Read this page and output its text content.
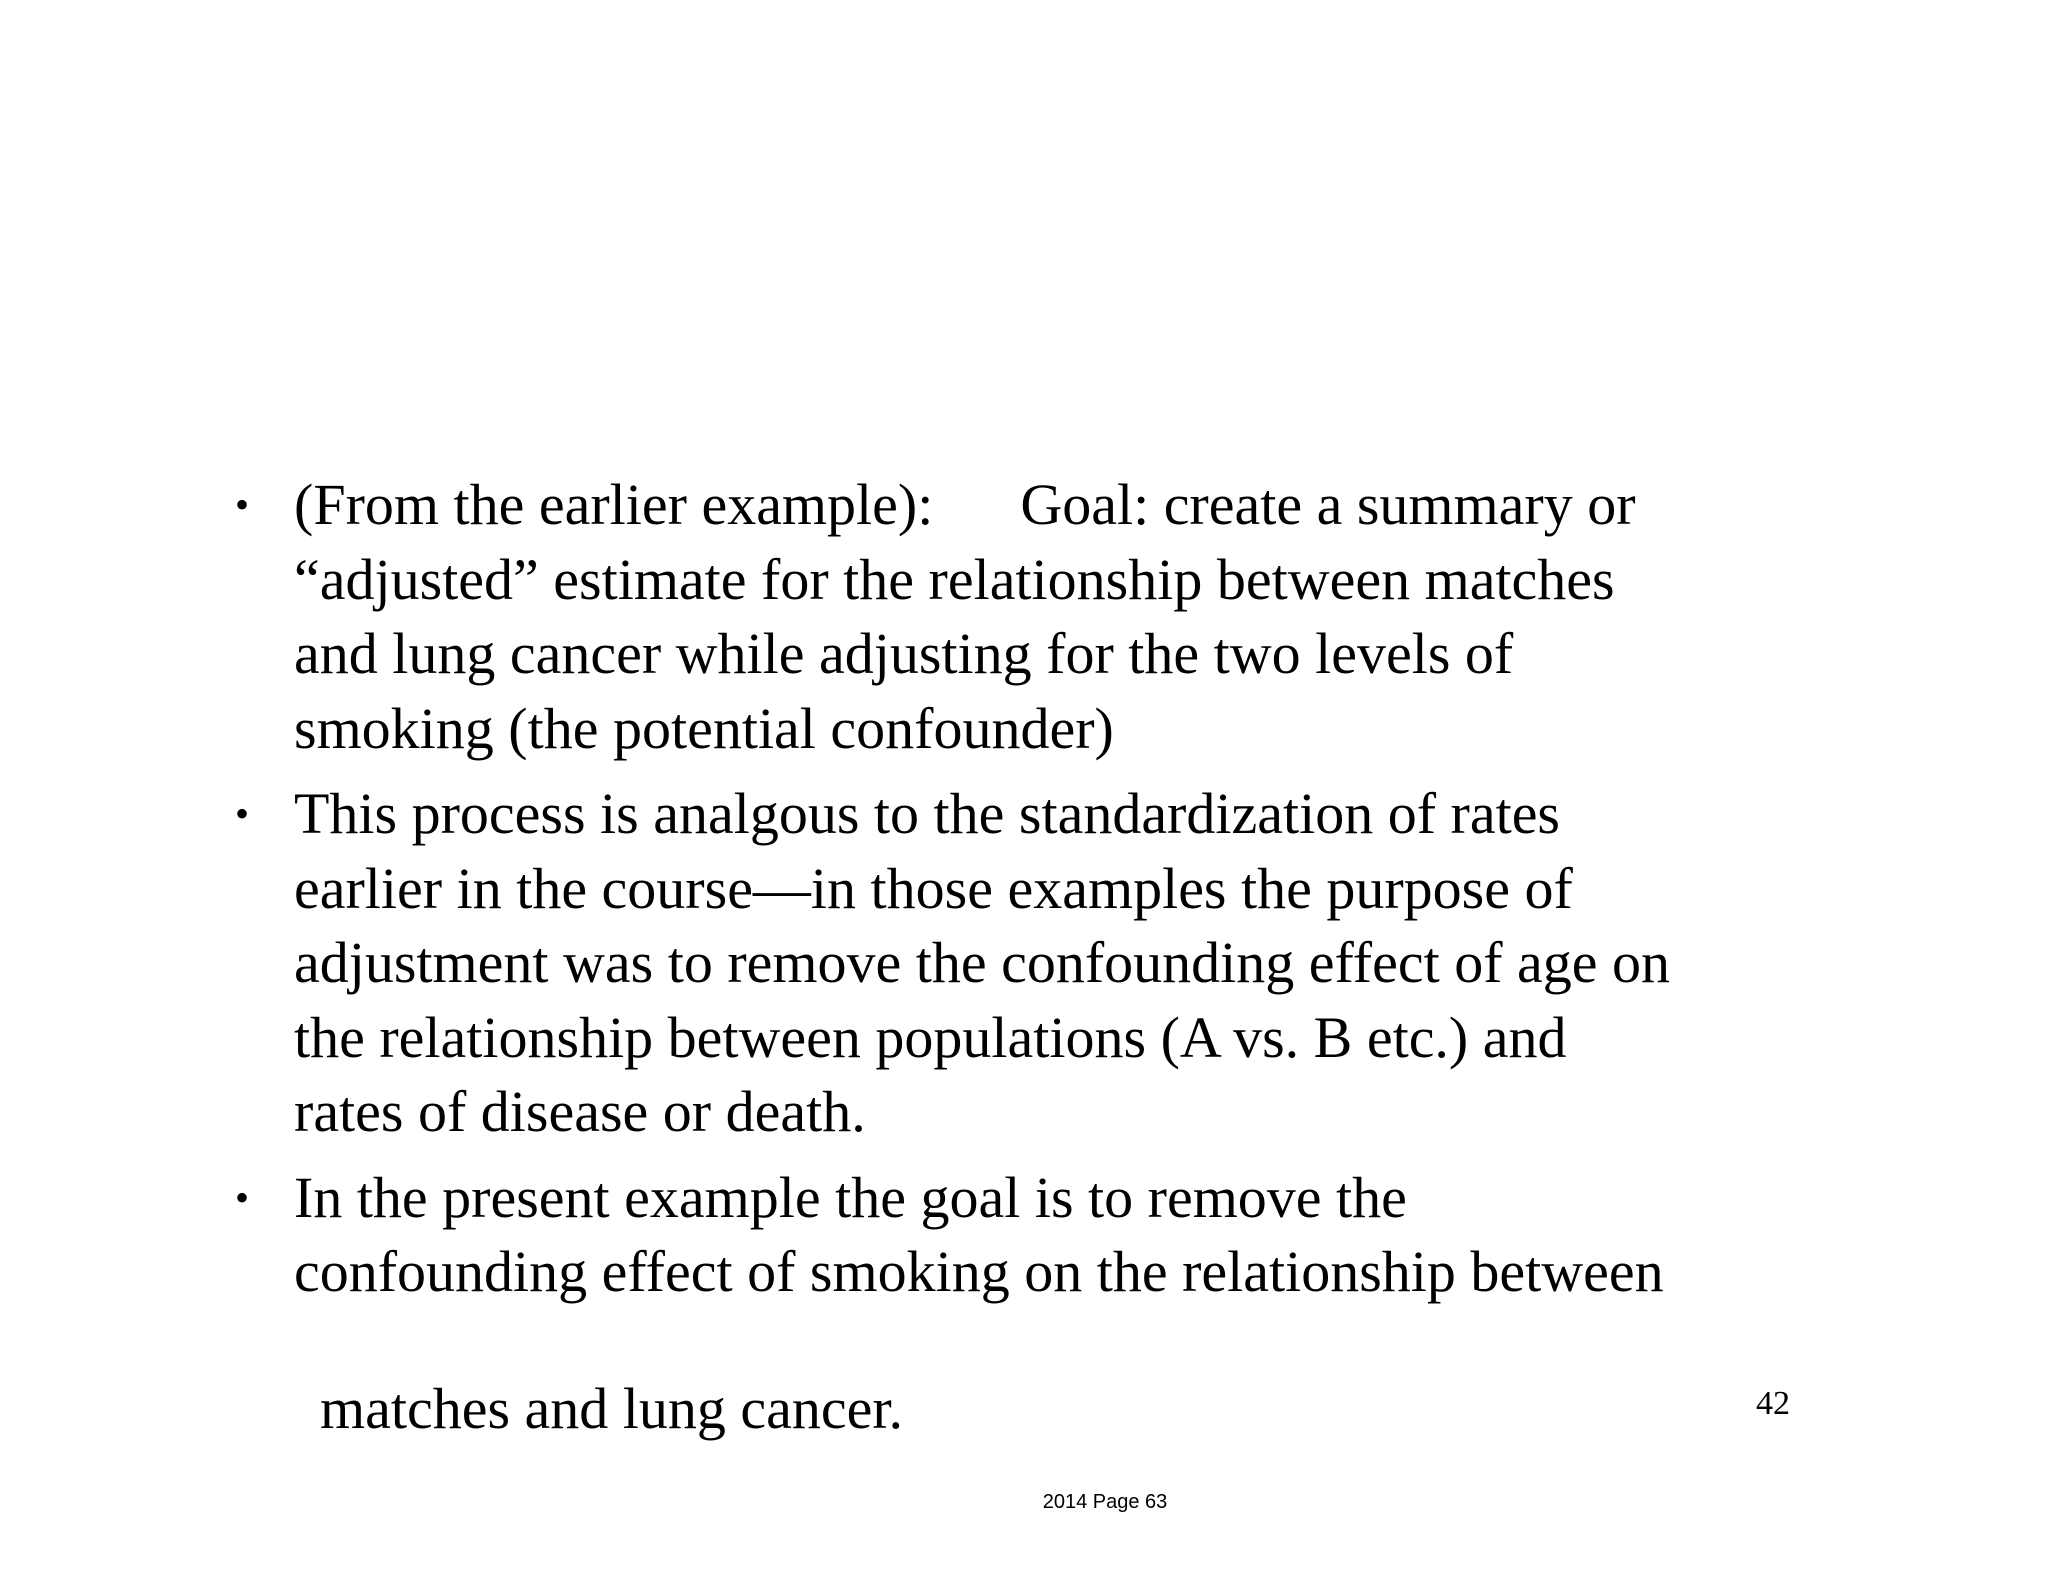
• (From the earlier example):      Goal: create a summary or
“adjusted” estimate for the relationship between matches
and lung cancer while adjusting for the two levels of
smoking (the potential confounder)
• This process is analgous to the standardization of rates
earlier in the course—in those examples the purpose of
adjustment was to remove the confounding effect of age on
the relationship between populations (A vs. B etc.) and
rates of disease or death.
• In the present example the goal is to remove the
confounding effect of smoking on the relationship between
matches and lung cancer.	42
2014 Page 63
